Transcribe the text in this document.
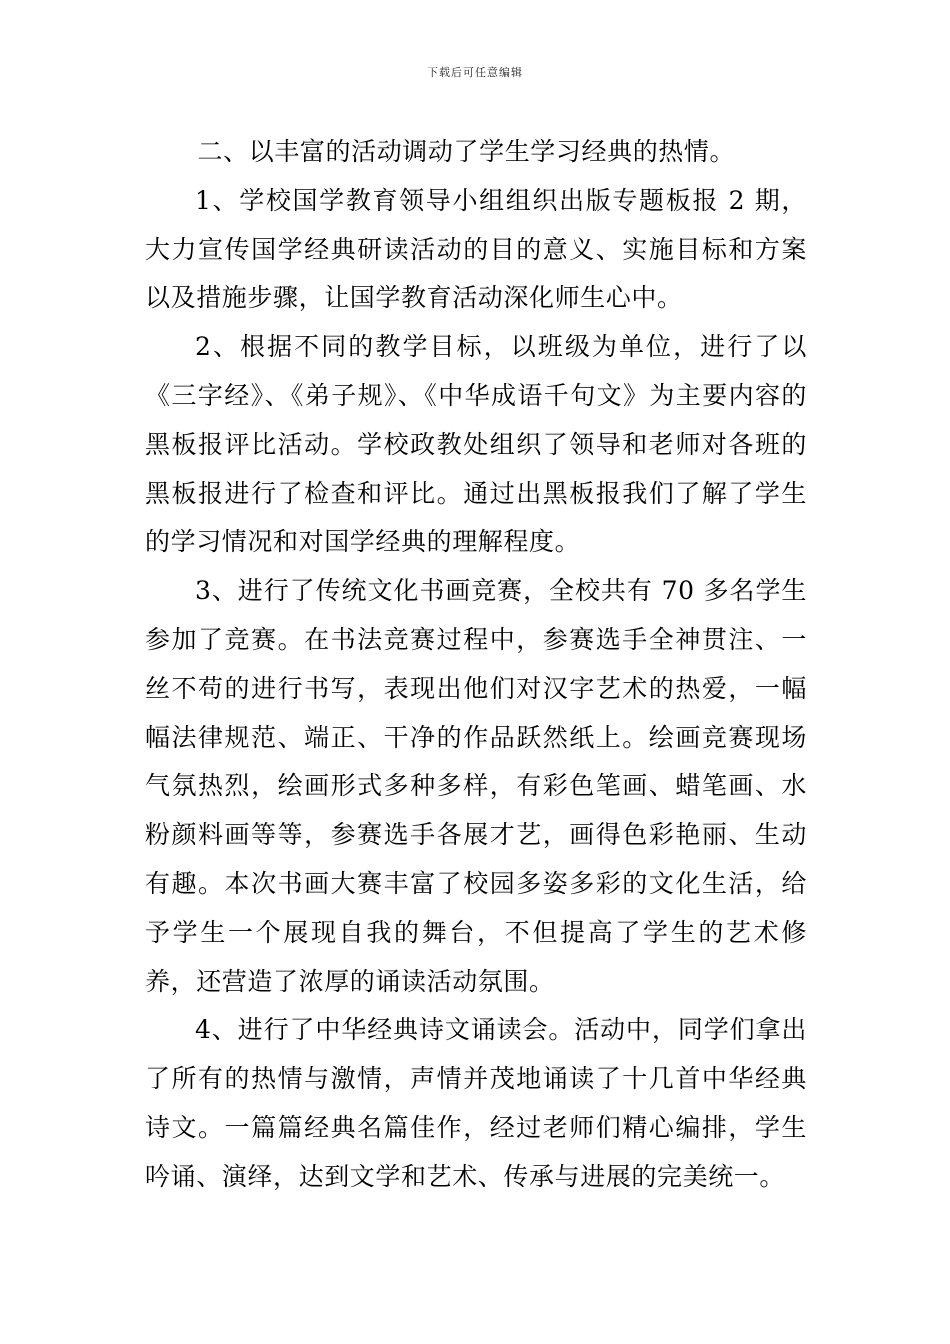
下载后可任意编辑

二、以丰富的活动调动了学生学习经典的热情。

1、学校国学教育领导小组组织出版专题板报 2 期，大力宣传国学经典研读活动的目的意义、实施目标和方案以及措施步骤，让国学教育活动深化师生心中。

2、根据不同的教学目标，以班级为单位，进行了以《三字经》、《弟子规》、《中华成语千句文》为主要内容的黑板报评比活动。学校政教处组织了领导和老师对各班的黑板报进行了检查和评比。通过出黑板报我们了解了学生的学习情况和对国学经典的理解程度。

3、进行了传统文化书画竞赛，全校共有 70 多名学生参加了竞赛。在书法竞赛过程中，参赛选手全神贯注、一丝不苟的进行书写，表现出他们对汉字艺术的热爱，一幅幅法律规范、端正、干净的作品跃然纸上。绘画竞赛现场气氛热烈，绘画形式多种多样，有彩色笔画、蜡笔画、水粉颜料画等等，参赛选手各展才艺，画得色彩艳丽、生动有趣。本次书画大赛丰富了校园多姿多彩的文化生活，给予学生一个展现自我的舞台，不但提高了学生的艺术修养，还营造了浓厚的诵读活动氛围。

4、进行了中华经典诗文诵读会。活动中，同学们拿出了所有的热情与激情，声情并茂地诵读了十几首中华经典诗文。一篇篇经典名篇佳作，经过老师们精心编排，学生吟诵、演绎，达到文学和艺术、传承与进展的完美统一。
